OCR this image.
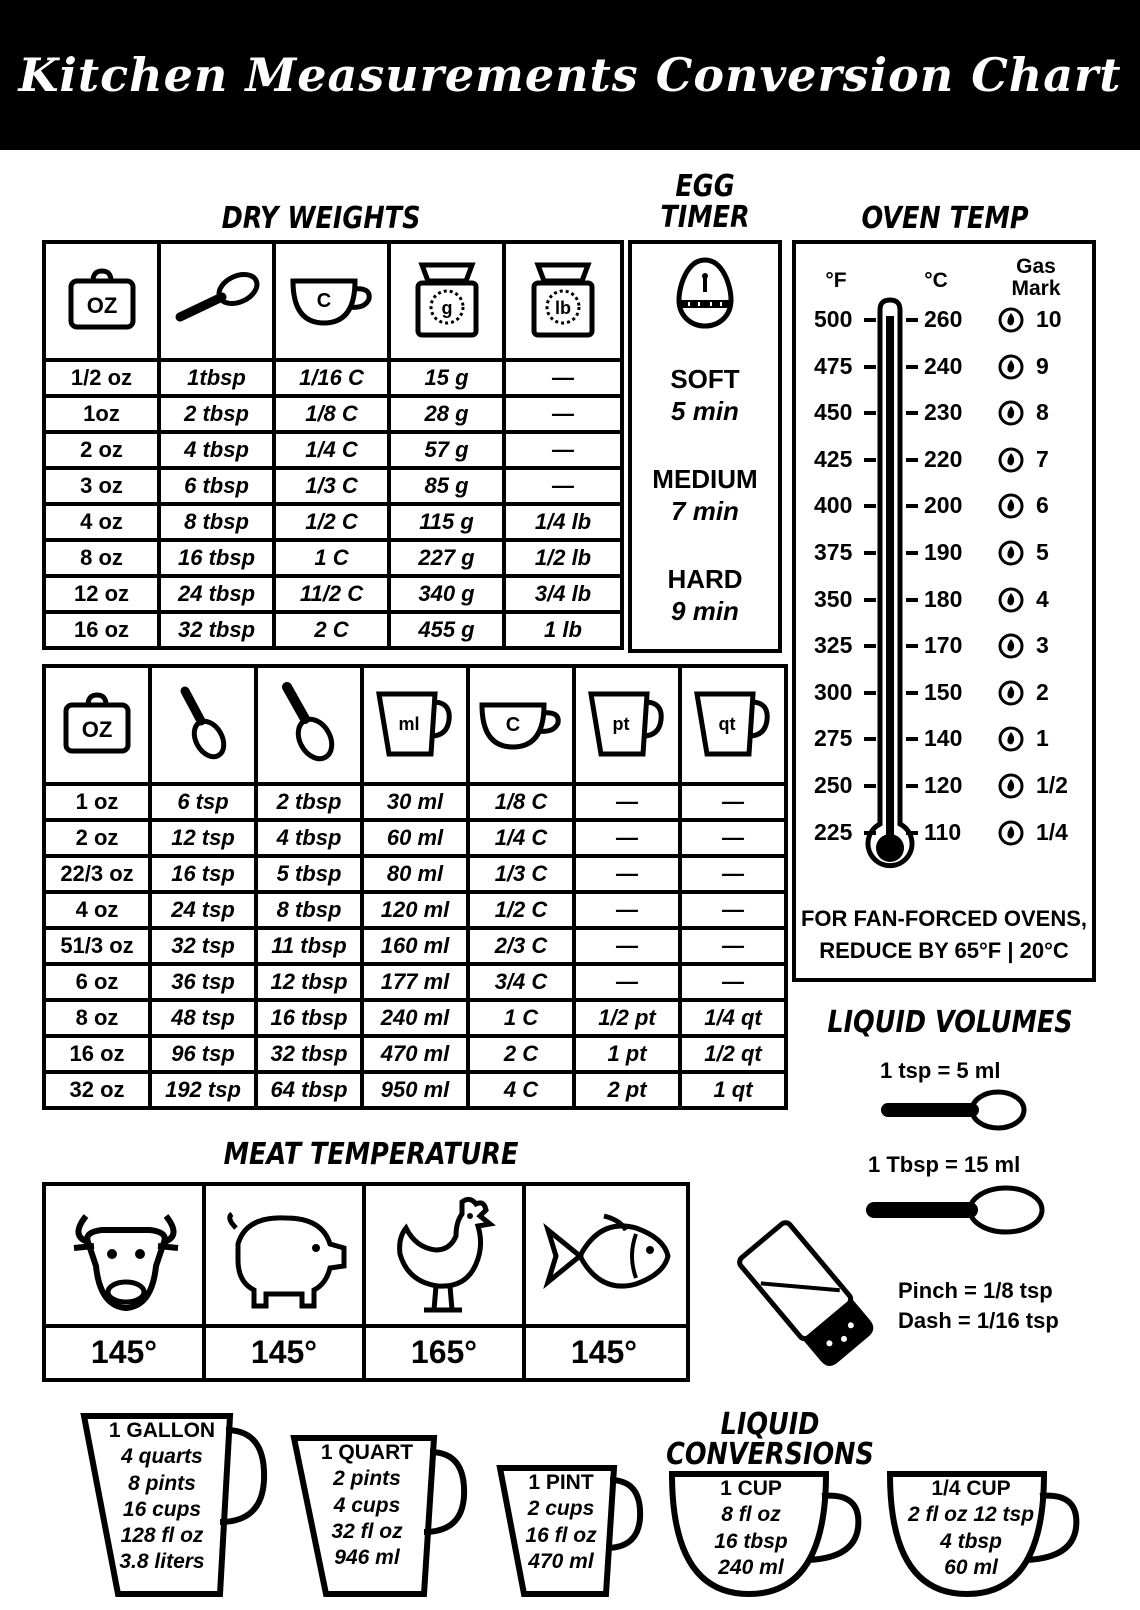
Kitchen Measurements Conversion Chart
DRY WEIGHTS
OZ		C	g	lb

1/2 oz	1tbsp	1/16 C	15 g	—
1oz	2 tbsp	1/8 C	28 g	—
2 oz	4 tbsp	1/4 C	57 g	—
3 oz	6 tbsp	1/3 C	85 g	—
4 oz	8 tbsp	1/2 C	115 g	1/4 lb
8 oz	16 tbsp	1 C	227 g	1/2 lb
12 oz	24 tbsp	11/2 C	340 g	3/4 lb
16 oz	32 tbsp	2 C	455 g	1 lb
EGG
TIMER
SOFT
5 min
MEDIUM
7 min
HARD
9 min
OVEN TEMP
°F	°C
Gas
Mark
500	260	10
475	240	9
450	230	8
425	220	7
400	200	6
375	190	5
350	180	4
325	170	3
300	150	2
275	140	1
250	120	1/2
225	110	1/4
FOR FAN-FORCED OVENS,
REDUCE BY 65°F | 20°C
OZ			ml	C	pt	qt

1 oz	6 tsp	2 tbsp	30 ml	1/8 C	—	—
2 oz	12 tsp	4 tbsp	60 ml	1/4 C	—	—
22/3 oz	16 tsp	5 tbsp	80 ml	1/3 C	—	—
4 oz	24 tsp	8 tbsp	120 ml	1/2 C	—	—
51/3 oz	32 tsp	11 tbsp	160 ml	2/3 C	—	—
6 oz	36 tsp	12 tbsp	177 ml	3/4 C	—	—
8 oz	48 tsp	16 tbsp	240 ml	1 C	1/2 pt	1/4 qt
16 oz	96 tsp	32 tbsp	470 ml	2 C	1 pt	1/2 qt
32 oz	192 tsp	64 tbsp	950 ml	4 C	2 pt	1 qt
LIQUID VOLUMES
1 tsp = 5 ml
1 Tbsp = 15 ml
Pinch = 1/8 tsp
Dash = 1/16 tsp
MEAT TEMPERATURE
145°	145°	165°	145°
LIQUID CONVERSIONS
1 GALLON
4 quarts
8 pints
16 cups
128 fl oz
3.8 liters
1 QUART
2 pints
4 cups
32 fl oz
946 ml
1 PINT
2 cups
16 fl oz
470 ml
1 CUP
8 fl oz
16 tbsp
240 ml
1/4 CUP
2 fl oz 12 tsp
4 tbsp
60 ml
